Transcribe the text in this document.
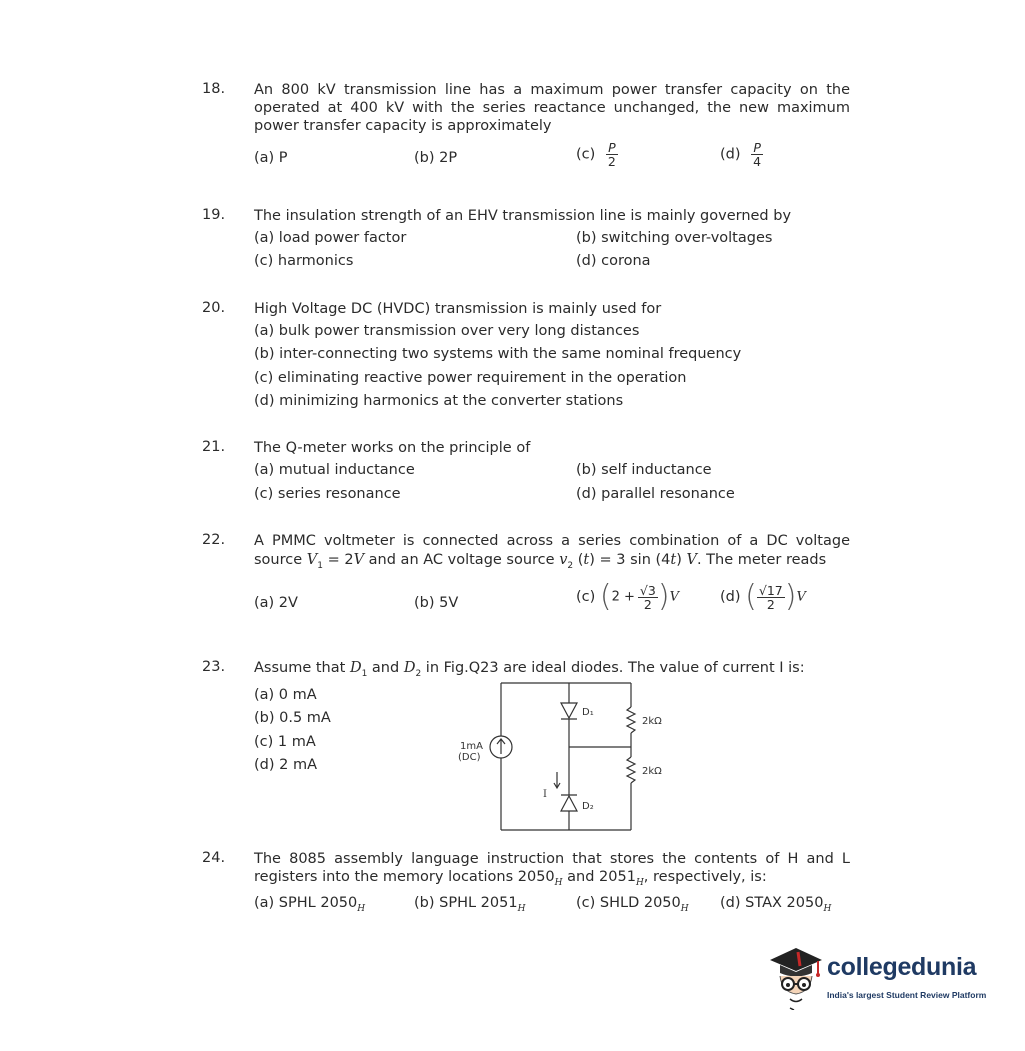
18. An 800 kV transmission line has a maximum power transfer capacity on the
operated at 400 kV with the series reactance unchanged, the new maximum
power transfer capacity is approximately
(a) P	(b) 2P	$(c) \frac{P}{2}$	$(d) \frac{P}{4}$
19. The insulation strength of an EHV transmission line is mainly governed by
(a) load power factor	(b) switching over-voltages
(c) harmonics	(d) corona
20. High Voltage DC (HVDC) transmission is mainly used for
(a) bulk power transmission over very long distances
(b) inter-connecting two systems with the same nominal frequency
(c) eliminating reactive power requirement in the operation
(d) minimizing harmonics at the converter stations
21. The Q-meter works on the principle of
(a) mutual inductance	(b) self inductance
(c) series resonance	(d) parallel resonance
22. A PMMC voltmeter is connected across a series combination of a DC voltage
source $V_1 = 2V$ and an AC voltage source $v_2$ (t) = 3 sin (4t) V. The meter reads
(a) 2V	(b) 5V	(c) $(2 + \frac{√3}{2} )V$	(d) ( $\frac{√17}{2} )V$
23. Assume that $D_1$ and $D_2$ in Fig.Q23 are ideal diodes. The value of current I is:
(a) 0 mA
(b) 0.5 mA
(c) 1 mA
(d) 2 mA
D₁
D₂
2kΩ
2kΩ
1mA
(DC)
I
24. The 8085 assembly language instruction that stores the contents of H and L
registers into the memory locations $2050_H$ and $2051_H$, respectively, is:
(a) SPHL $2050_H$	(b) SPHL $2051_H$	(c) SHLD $2050_H$ (d) STAX $2050_H$
collegedunia
India's largest Student Review Platform
